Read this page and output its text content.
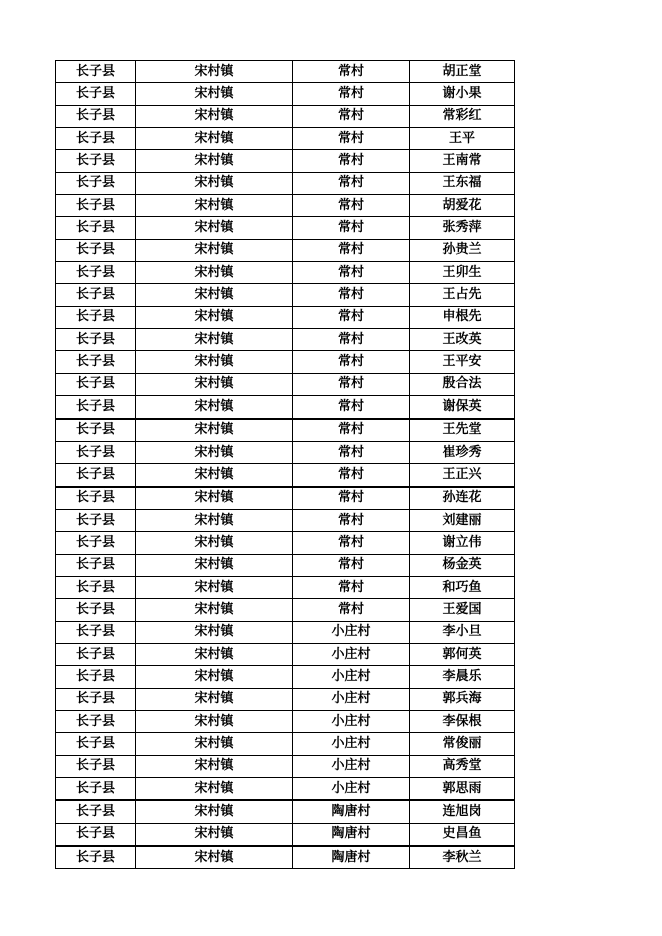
长子县	宋村镇	常村	胡正堂
长子县	宋村镇	常村	谢小果
长子县	宋村镇	常村	常彩红
长子县	宋村镇	常村	王平
长子县	宋村镇	常村	王南常
长子县	宋村镇	常村	王东福
长子县	宋村镇	常村	胡爱花
长子县	宋村镇	常村	张秀萍
长子县	宋村镇	常村	孙贵兰
长子县	宋村镇	常村	王卯生
长子县	宋村镇	常村	王占先
长子县	宋村镇	常村	申根先
长子县	宋村镇	常村	王改英
长子县	宋村镇	常村	王平安
长子县	宋村镇	常村	殷合法
长子县	宋村镇	常村	谢保英
长子县	宋村镇	常村	王先堂
长子县	宋村镇	常村	崔珍秀
长子县	宋村镇	常村	王正兴
长子县	宋村镇	常村	孙连花
长子县	宋村镇	常村	刘建丽
长子县	宋村镇	常村	谢立伟
长子县	宋村镇	常村	杨金英
长子县	宋村镇	常村	和巧鱼
长子县	宋村镇	常村	王爱国
长子县	宋村镇	小庄村	李小旦
长子县	宋村镇	小庄村	郭何英
长子县	宋村镇	小庄村	李晨乐
长子县	宋村镇	小庄村	郭兵海
长子县	宋村镇	小庄村	李保根
长子县	宋村镇	小庄村	常俊丽
长子县	宋村镇	小庄村	高秀堂
长子县	宋村镇	小庄村	郭思雨
长子县	宋村镇	陶唐村	连旭岗
长子县	宋村镇	陶唐村	史昌鱼
长子县	宋村镇	陶唐村	李秋兰
